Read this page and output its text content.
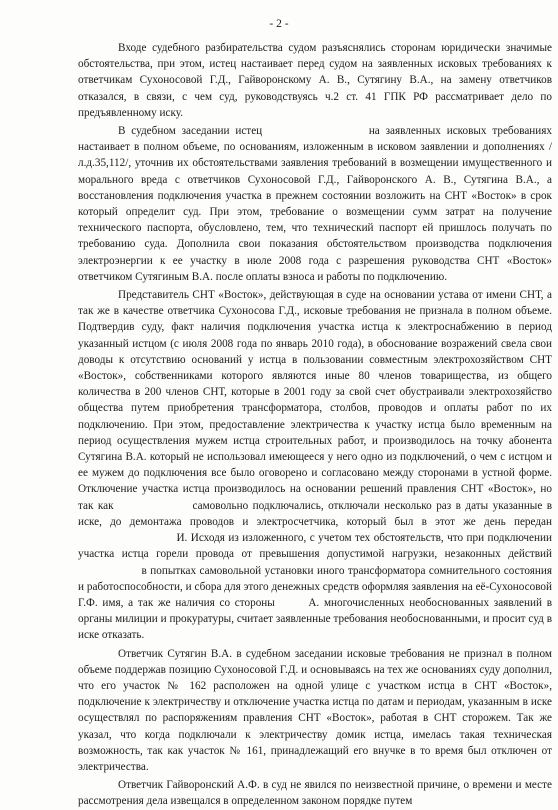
- 2 -

Входе судебного разбирательства судом разъяснялись сторонам юридически значимые обстоятельства, при этом, истец настаивает перед судом на заявленных исковых требованиях к ответчикам Сухоносовой Г.Д., Гайворонскому А. В., Сутягину В.А., на замену ответчиков отказался, в связи, с чем суд, руководствуясь ч.2 ст. 41 ГПК РФ рассматривает дело по предъявленному иску.

В судебном заседании истец	на заявленных исковых требованиях настаивает в полном объеме, по основаниям, изложенным в исковом заявлении и дополнениях /л.д.35,112/, уточнив их обстоятельствами заявления требований в возмещении имущественного и морального вреда с ответчиков Сухоносовой Г.Д., Гайворонского А. В., Сутягина В.А., а восстановления подключения участка в прежнем состоянии возложить на СНТ «Восток» в срок который определит суд. При этом, требование о возмещении сумм затрат на получение технического паспорта, обусловлено, тем, что технический паспорт ей пришлось получать по требованию суда. Дополнила свои показания обстоятельством производства подключения электроэнергии к ее участку в июле 2008 года с разрешения руководства СНТ «Восток» ответчиком Сутягиным В.А. после оплаты взноса и работы по подключению.

Представитель СНТ «Восток», действующая в суде на основании устава от имени СНТ, а так же в качестве ответчика Сухоносова Г.Д., исковые требования не признала в полном объеме. Подтвердив суду, факт наличия подключения участка истца к электроснабжению в период указанный истцом (с июля 2008 года по январь 2010 года), в обоснование возражений свела свои доводы к отсутствию оснований у истца в пользовании совместным электрохозяйством СНТ «Восток», собственниками которого являются иные 80 членов товарищества, из общего количества в 200 членов СНТ, которые в 2001 году за свой счет обустраивали электрохозяйство общества путем приобретения трансформатора, столбов, проводов и оплаты работ по их подключению. При этом, предоставление электричества к участку истца было временным на период осуществления мужем истца строительных работ, и производилось на точку абонента Сутягина В.А. который не использовал имеющееся у него одно из подключений, о чем с истцом и ее мужем до подключения все было оговорено и согласовано между сторонами в устной форме. Отключение участка истца производилось на основании решений правления СНТ «Восток», но так как	самовольно подключались, отключали несколько раз в даты указанные в иске, до демонтажа проводов и электросчетчика, который был в этот же день передан  И. Исходя из изложенного, с учетом тех обстоятельств, что при подключении участка истца горели провода от превышения допустимой нагрузки, незаконных действий  в попытках самовольной установки иного трансформатора сомнительного состояния и работоспособности, и сбора для этого денежных средств оформляя заявления на её-Сухоносовой Г.Ф. имя, а так же наличия со стороны	А. многочисленных необоснованных заявлений в органы милиции и прокуратуры, считает заявленные требования необоснованными, и просит суд в иске отказать.

Ответчик Сутягин В.А. в судебном заседании исковые требования не признал в полном объеме поддержав позицию Сухоносовой Г.Д. и основываясь на тех же основаниях суду дополнил, что его участок № 162 расположен на одной улице с участком истца в СНТ «Восток», подключение к электричеству и отключение участка истца по датам и периодам, указанным в иске осуществлял по распоряжениям правления СНТ «Восток», работая в СНТ сторожем. Так же указал, что когда подключали к электричеству домик истца, имелась такая техническая возможность, так как участок № 161, принадлежащий его внучке в то время был отключен от электричества.

Ответчик Гайворонский А.Ф. в суд не явился по неизвестной причине, о времени и месте рассмотрения дела извещался в определенном законом порядке путем
